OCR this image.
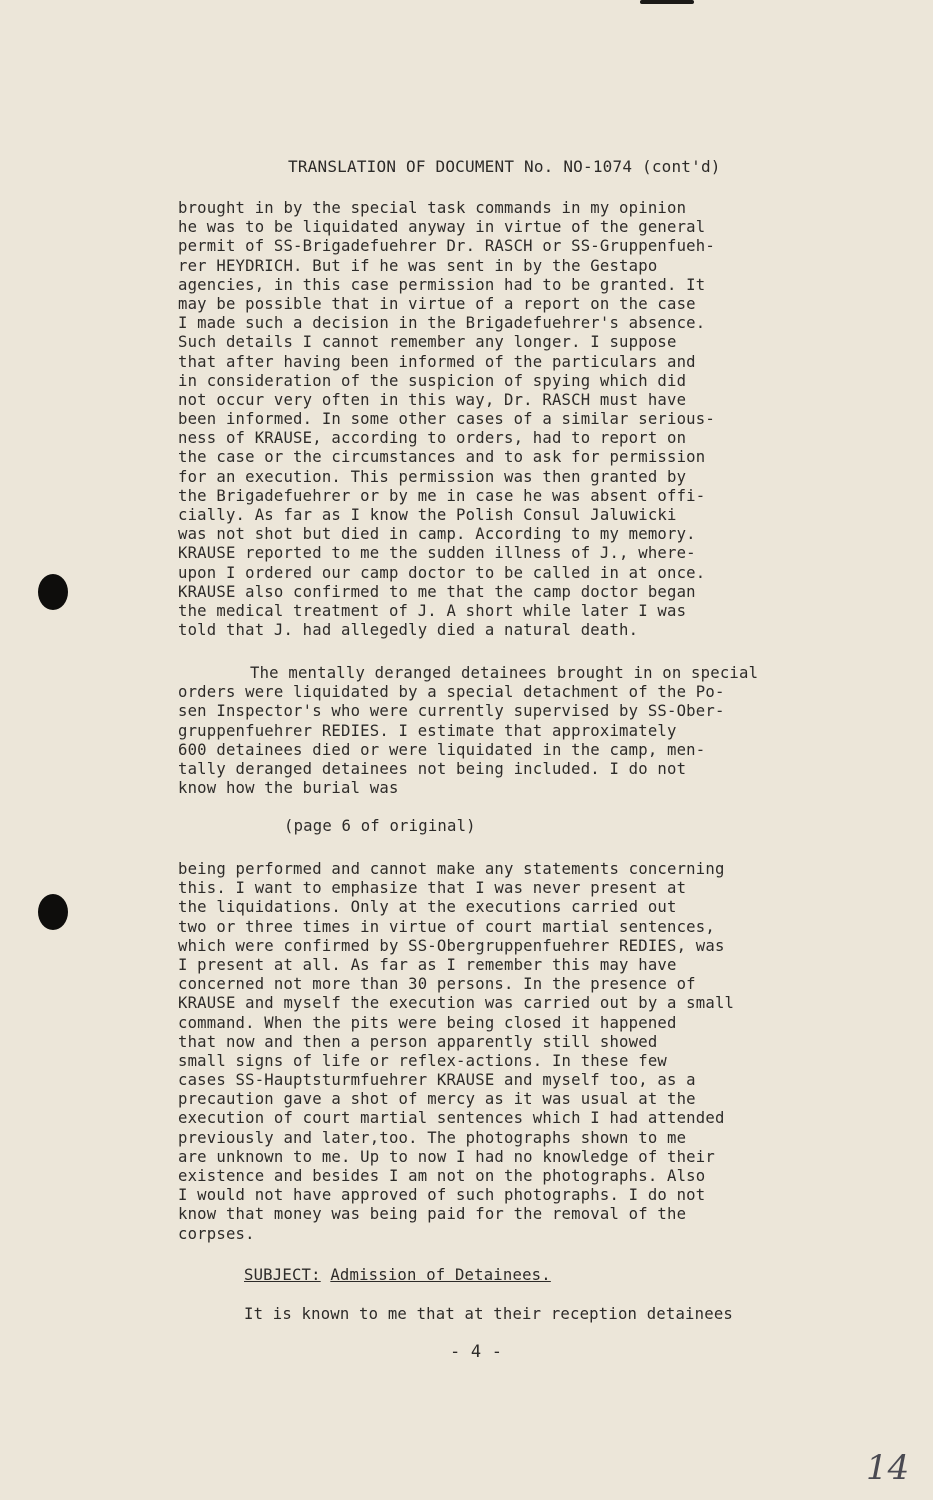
TRANSLATION OF DOCUMENT No. NO-1074 (cont'd)
brought in by the special task commands in my opinion
he was to be liquidated anyway in virtue of the general
permit of SS-Brigadefuehrer Dr. RASCH or SS-Gruppenfueh-
rer HEYDRICH. But if he was sent in by the Gestapo
agencies, in this case permission had to be granted. It
may be possible that in virtue of a report on the case
I made such a decision in the Brigadefuehrer's absence.
Such details I cannot remember any longer. I suppose
that after having been informed of the particulars and
in consideration of the suspicion of spying which did
not occur very often in this way, Dr. RASCH must have
been informed. In some other cases of a similar serious-
ness of KRAUSE, according to orders, had to report on
the case or the circumstances and to ask for permission
for an execution. This permission was then granted by
the Brigadefuehrer or by me in case he was absent offi-
cially. As far as I know the Polish Consul Jaluwicki
was not shot but died in camp. According to my memory.
KRAUSE reported to me the sudden illness of J., where-
upon I ordered our camp doctor to be called in at once.
KRAUSE also confirmed to me that the camp doctor began
the medical treatment of J. A short while later I was
told that J. had allegedly died a natural death.
The mentally deranged detainees brought in on special
orders were liquidated by a special detachment of the Po-
sen Inspector's who were currently supervised by SS-Ober-
gruppenfuehrer REDIES. I estimate that approximately
600 detainees died or were liquidated in the camp, men-
tally deranged detainees not being included. I do not
know how the burial was
(page 6 of original)
being performed and cannot make any statements concerning
this. I want to emphasize that I was never present at
the liquidations. Only at the executions carried out
two or three times in virtue of court martial sentences,
which were confirmed by SS-Obergruppenfuehrer REDIES, was
I present at all. As far as I remember this may have
concerned not more than 30 persons. In the presence of
KRAUSE and myself the execution was carried out by a small
command. When the pits were being closed it happened
that now and then a person apparently still showed
small signs of life or reflex-actions. In these few
cases SS-Hauptsturmfuehrer KRAUSE and myself too, as a
precaution gave a shot of mercy as it was usual at the
execution of court martial sentences which I had attended
previously and later,too. The photographs shown to me
are unknown to me. Up to now I had no knowledge of their
existence and besides I am not on the photographs. Also
I would not have approved of such photographs. I do not
know that money was being paid for the removal of the
corpses.
SUBJECT: Admission of Detainees.
It is known to me that at their reception detainees
- 4 -
14
